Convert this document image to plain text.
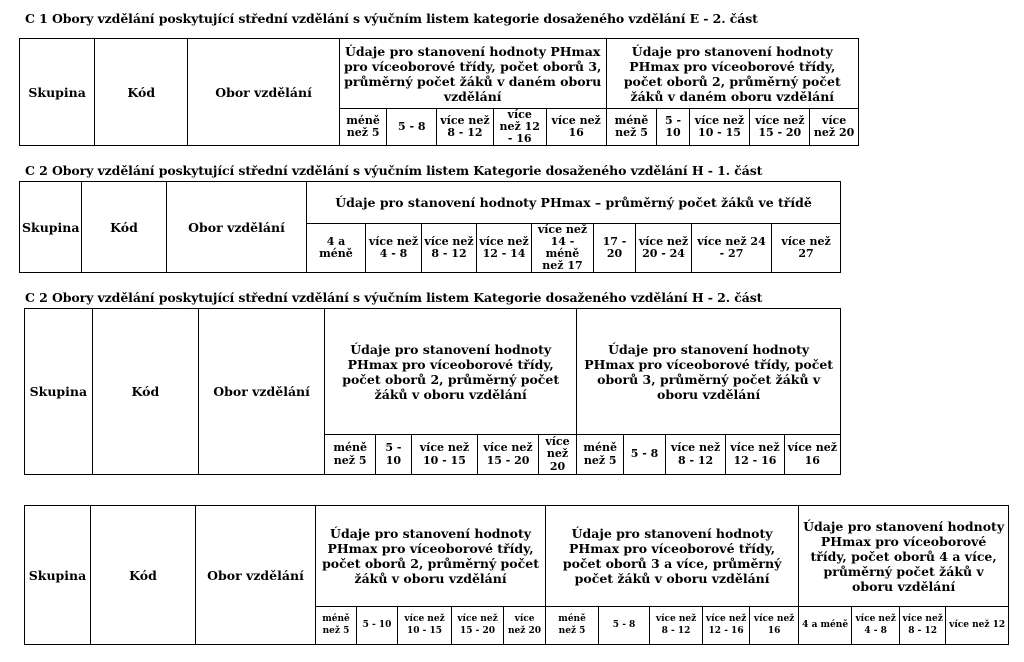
C 1 Obory vzdělání poskytující střední vzdělání s výučním listem kategorie dosaženého vzdělání E - 2. část
Skupina	Kód	Obor vzdělání	Údaje pro stanovení hodnoty PHmax pro víceoborové třídy, počet oborů 3, průměrný počet žáků v daném oboru vzdělání					Údaje pro stanovení hodnoty PHmax pro víceoborové třídy, počet oborů 2, průměrný počet žáků v daném oboru vzdělání				
			méně než 5	5 - 8	více než 8 - 12	více než 12 - 16	více než 16	méně než 5	5 - 10	více než 10 - 15	více než 15 - 20	více než 20
C 2 Obory vzdělání poskytující střední vzdělání s výučním listem Kategorie dosaženého vzdělání H - 1. část
Skupina	Kód	Obor vzdělání	Údaje pro stanovení hodnoty PHmax – průměrný počet žáků ve třídě								
			4 a méně	více než 4 - 8	více než 8 - 12	více než 12 - 14	více než 14 - méně než 17	17 - 20	více než 20 - 24	více než 24 - 27	více než 27
C 2 Obory vzdělání poskytující střední vzdělání s výučním listem Kategorie dosaženého vzdělání H - 2. část
Skupina	Kód	Obor vzdělání	Údaje pro stanovení hodnoty PHmax pro víceoborové třídy, počet oborů 2, průměrný počet žáků v oboru vzdělání					Údaje pro stanovení hodnoty PHmax pro víceoborové třídy, počet oborů 3, průměrný počet žáků v oboru vzdělání				
			méně než 5	5 - 10	více než 10 - 15	více než 15 - 20	více než 20	méně než 5	5 - 8	více než 8 - 12	více než 12 - 16	více než 16
Skupina	Kód	Obor vzdělání	Údaje pro stanovení hodnoty PHmax pro víceoborové třídy, počet oborů 2, průměrný počet žáků v oboru vzdělání					Údaje pro stanovení hodnoty PHmax pro víceoborové třídy, počet oborů 3 a více, průměrný počet žáků v oboru vzdělání					Údaje pro stanovení hodnoty PHmax pro víceoborové třídy, počet oborů 4 a více, průměrný počet žáků v oboru vzdělání			
			méně než 5	5 - 10	více než 10 - 15	více než 15 - 20	více než 20	méně než 5	5 - 8	více než 8 - 12	více než 12 - 16	více než 16	4 a méně	více než 4 - 8	více než 8 - 12	více než 12
